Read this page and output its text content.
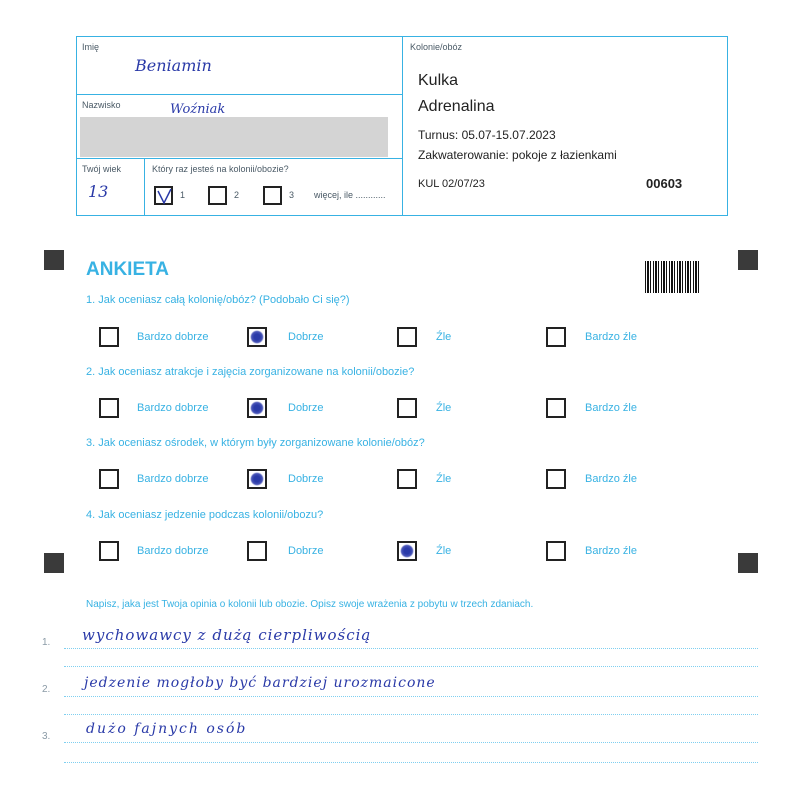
Imię
Beniamin
Nazwisko	Woźniak
Twój wiek
13
Który raz jesteś na kolonii/obozie?
1	2	3 więcej, ile ............
Kolonie/obóz
Kulka
Adrenalina
Turnus: 05.07-15.07.2023
Zakwaterowanie: pokoje z łazienkami
KUL 02/07/23	00603
ANKIETA
1. Jak oceniasz całą kolonię/obóz? (Podobało Ci się?)
2. Jak oceniasz atrakcje i zajęcia zorganizowane na kolonii/obozie?
3. Jak oceniasz ośrodek, w którym były zorganizowane kolonie/obóz?
4. Jak oceniasz jedzenie podczas kolonii/obozu?
Bardzo dobrze	Dobrze	Źle	Bardzo źle
Bardzo dobrze	Dobrze	Źle	Bardzo źle
Bardzo dobrze	Dobrze	Źle	Bardzo źle
Bardzo dobrze	Dobrze	Źle	Bardzo źle
Napisz, jaka jest Twoja opinia o kolonii lub obozie. Opisz swoje wrażenia z pobytu w trzech zdaniach.
1. wychowawcy z dużą cierpliwością
2. jedzenie mogłoby być bardziej urozmaicone
3.	dużo fajnych osób
